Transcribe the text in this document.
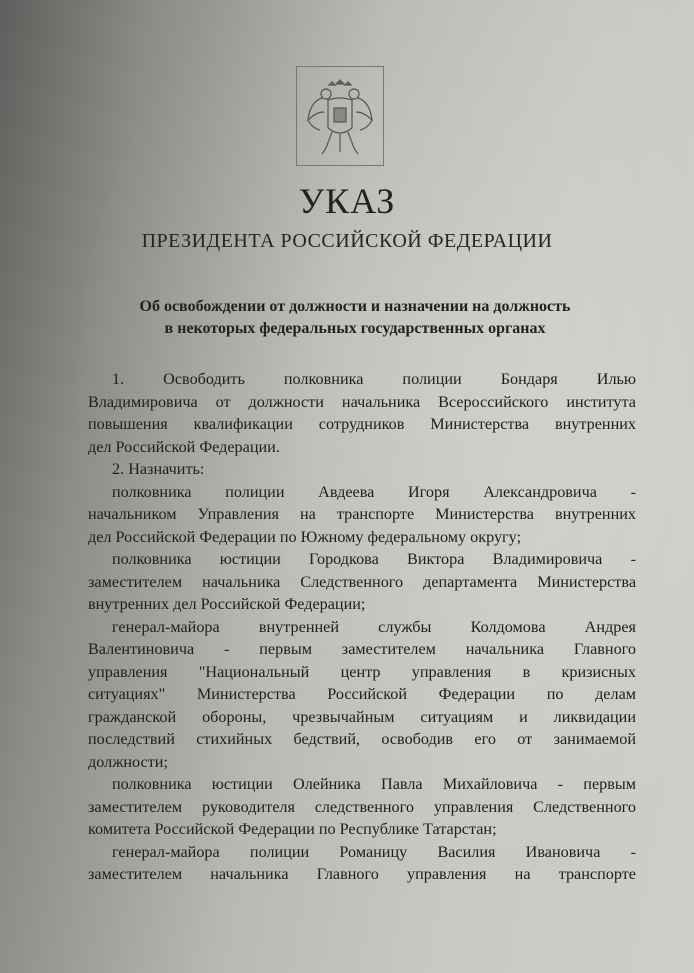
УКАЗ
ПРЕЗИДЕНТА РОССИЙСКОЙ ФЕДЕРАЦИИ
Об освобождении от должности и назначении на должность
в некоторых федеральных государственных органах
1. Освободить полковника полиции Бондаря Илью
Владимировича от должности начальника Всероссийского института
повышения квалификации сотрудников Министерства внутренних
дел Российской Федерации.
2. Назначить:
полковника полиции Авдеева Игоря Александровича -
начальником Управления на транспорте Министерства внутренних
дел Российской Федерации по Южному федеральному округу;
полковника юстиции Городкова Виктора Владимировича -
заместителем начальника Следственного департамента Министерства
внутренних дел Российской Федерации;
генерал-майора внутренней службы Колдомова Андрея
Валентиновича - первым заместителем начальника Главного
управления "Национальный центр управления в кризисных
ситуациях" Министерства Российской Федерации по делам
гражданской обороны, чрезвычайным ситуациям и ликвидации
последствий стихийных бедствий, освободив его от занимаемой
должности;
полковника юстиции Олейника Павла Михайловича - первым
заместителем руководителя следственного управления Следственного
комитета Российской Федерации по Республике Татарстан;
генерал-майора полиции Романицу Василия Ивановича -
заместителем начальника Главного управления на транспорте
